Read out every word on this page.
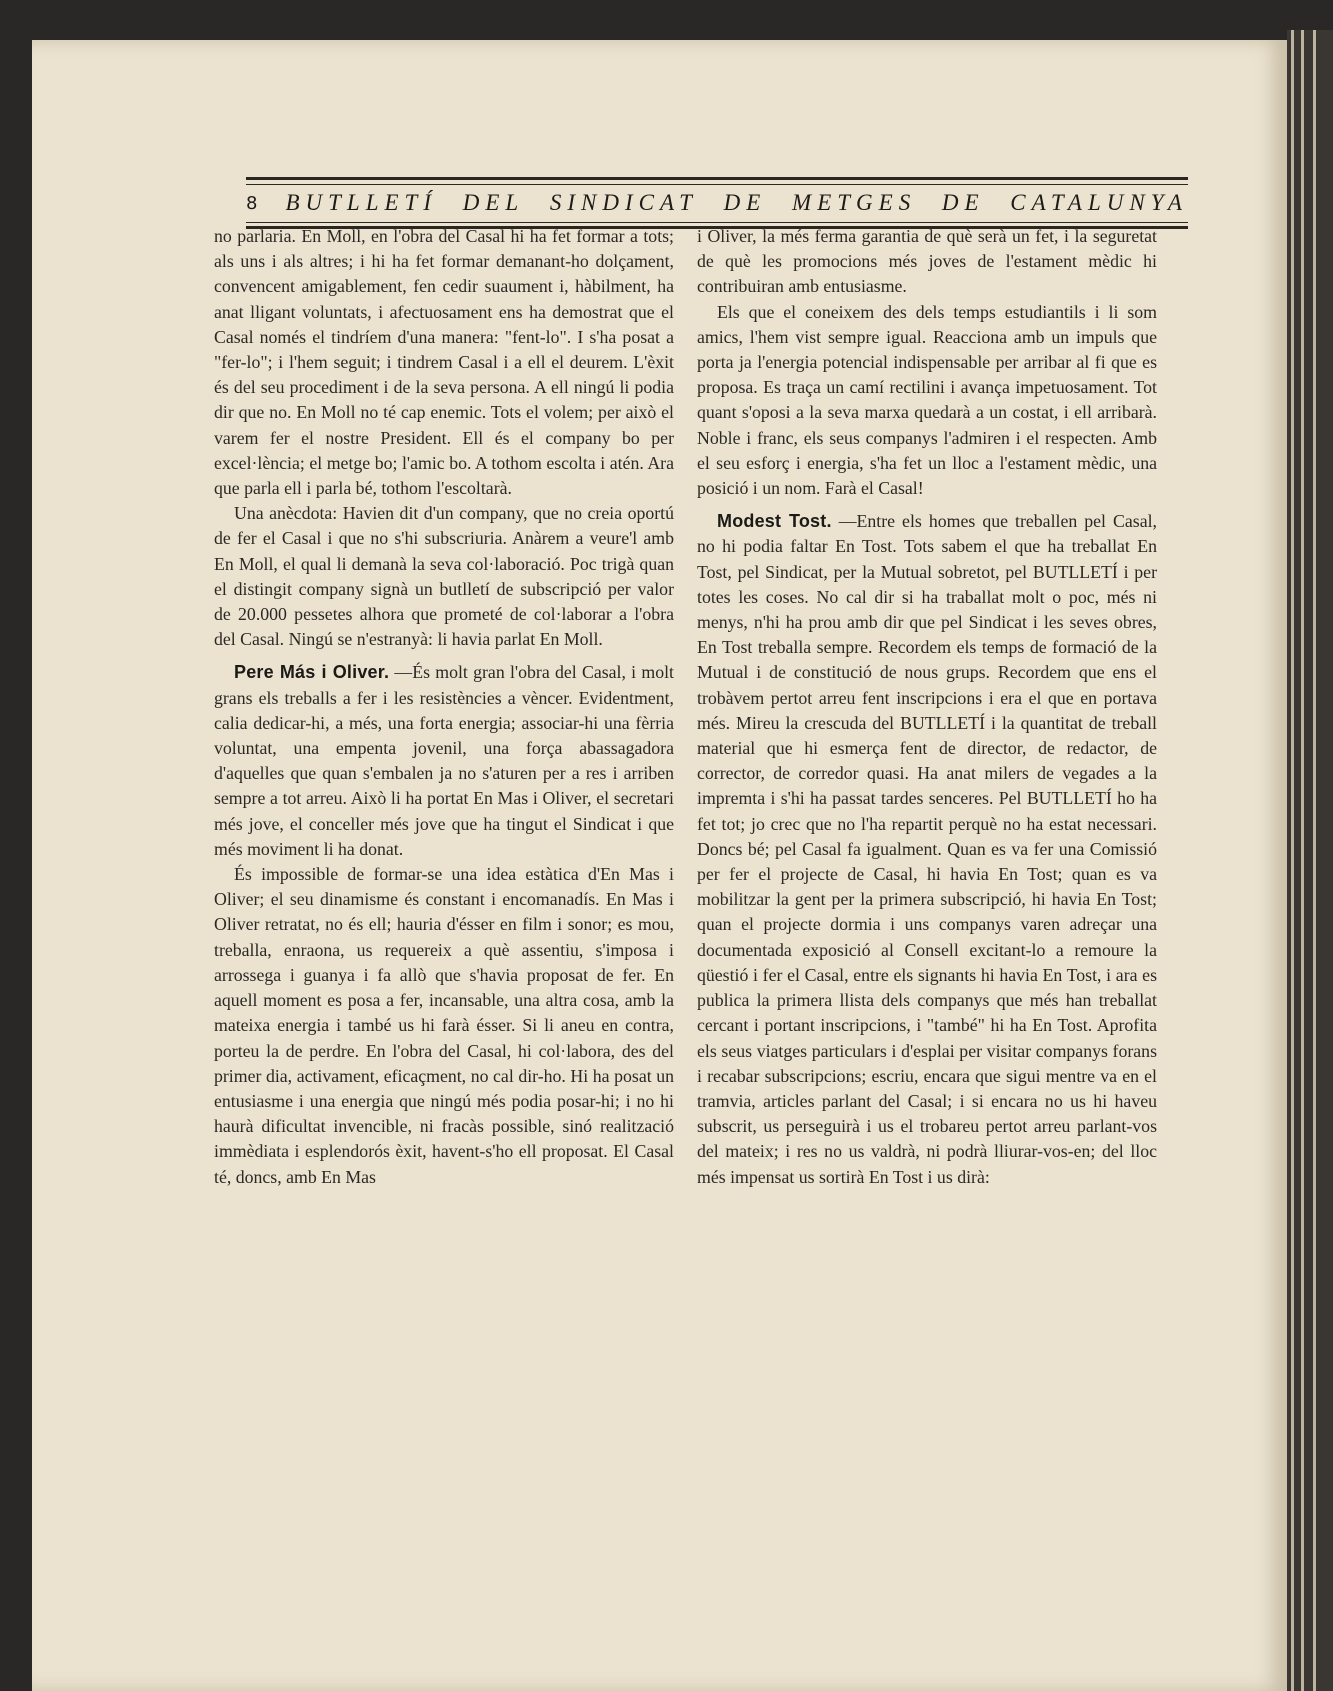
8 BUTLLETÍ DEL SINDICAT DE METGES DE CATALUNYA

no parlaria. En Moll, en l'obra del Casal hi ha fet formar a tots; als uns i als altres; i hi ha fet formar demanant-ho dolçament, convencent amigablement, fen cedir suaument i, hàbilment, ha anat lligant voluntats, i afectuosament ens ha demostrat que el Casal només el tindríem d'una manera: "fent-lo". I s'ha posat a "fer-lo"; i l'hem seguit; i tindrem Casal i a ell el deurem. L'èxit és del seu procediment i de la seva persona. A ell ningú li podia dir que no. En Moll no té cap enemic. Tots el volem; per això el varem fer el nostre President. Ell és el company bo per excel·lència; el metge bo; l'amic bo. A tothom escolta i atén. Ara que parla ell i parla bé, tothom l'escoltarà.

Una anècdota: Havien dit d'un company, que no creia oportú de fer el Casal i que no s'hi subscriuria. Anàrem a veure'l amb En Moll, el qual li demanà la seva col·laboració. Poc trigà quan el distingit company signà un butlletí de subscripció per valor de 20.000 pessetes alhora que prometé de col·laborar a l'obra del Casal. Ningú se n'estranyà: li havia parlat En Moll.

Pere Más i Oliver. —És molt gran l'obra del Casal, i molt grans els treballs a fer i les resistències a vèncer. Evidentment, calia dedicar-hi, a més, una forta energia; associar-hi una fèrria voluntat, una empenta jovenil, una força abassagadora d'aquelles que quan s'embalen ja no s'aturen per a res i arriben sempre a tot arreu. Això li ha portat En Mas i Oliver, el secretari més jove, el conceller més jove que ha tingut el Sindicat i que més moviment li ha donat.

És impossible de formar-se una idea estàtica d'En Mas i Oliver; el seu dinamisme és constant i encomanadís. En Mas i Oliver retratat, no és ell; hauria d'ésser en film i sonor; es mou, treballa, enraona, us requereix a què assentiu, s'imposa i arrossega i guanya i fa allò que s'havia proposat de fer. En aquell moment es posa a fer, incansable, una altra cosa, amb la mateixa energia i també us hi farà ésser. Si li aneu en contra, porteu la de perdre. En l'obra del Casal, hi col·labora, des del primer dia, activament, eficaçment, no cal dir-ho. Hi ha posat un entusiasme i una energia que ningú més podia posar-hi; i no hi haurà dificultat invencible, ni fracàs possible, sinó realització immèdiata i esplendorós èxit, havent-s'ho ell proposat. El Casal té, doncs, amb En Mas

i Oliver, la més ferma garantia de què serà un fet, i la seguretat de què les promocions més joves de l'estament mèdic hi contribuiran amb entusiasme.

Els que el coneixem des dels temps estudiantils i li som amics, l'hem vist sempre igual. Reacciona amb un impuls que porta ja l'energia potencial indispensable per arribar al fi que es proposa. Es traça un camí rectilini i avança impetuosament. Tot quant s'oposi a la seva marxa quedarà a un costat, i ell arribarà. Noble i franc, els seus companys l'admiren i el respecten. Amb el seu esforç i energia, s'ha fet un lloc a l'estament mèdic, una posició i un nom. Farà el Casal!

Modest Tost. —Entre els homes que treballen pel Casal, no hi podia faltar En Tost. Tots sabem el que ha treballat En Tost, pel Sindicat, per la Mutual sobretot, pel BUTLLETÍ i per totes les coses. No cal dir si ha traballat molt o poc, més ni menys, n'hi ha prou amb dir que pel Sindicat i les seves obres, En Tost treballa sempre. Recordem els temps de formació de la Mutual i de constitució de nous grups. Recordem que ens el trobàvem pertot arreu fent inscripcions i era el que en portava més. Mireu la crescuda del BUTLLETÍ i la quantitat de treball material que hi esmerça fent de director, de redactor, de corrector, de corredor quasi. Ha anat milers de vegades a la impremta i s'hi ha passat tardes senceres. Pel BUTLLETÍ ho ha fet tot; jo crec que no l'ha repartit perquè no ha estat necessari. Doncs bé; pel Casal fa igualment. Quan es va fer una Comissió per fer el projecte de Casal, hi havia En Tost; quan es va mobilitzar la gent per la primera subscripció, hi havia En Tost; quan el projecte dormia i uns companys varen adreçar una documentada exposició al Consell excitant-lo a remoure la qüestió i fer el Casal, entre els signants hi havia En Tost, i ara es publica la primera llista dels companys que més han treballat cercant i portant inscripcions, i "també" hi ha En Tost. Aprofita els seus viatges particulars i d'esplai per visitar companys forans i recabar subscripcions; escriu, encara que sigui mentre va en el tramvia, articles parlant del Casal; i si encara no us hi haveu subscrit, us perseguirà i us el trobareu pertot arreu parlant-vos del mateix; i res no us valdrà, ni podrà lliurar-vos-en; del lloc més impensat us sortirà En Tost i us dirà:
